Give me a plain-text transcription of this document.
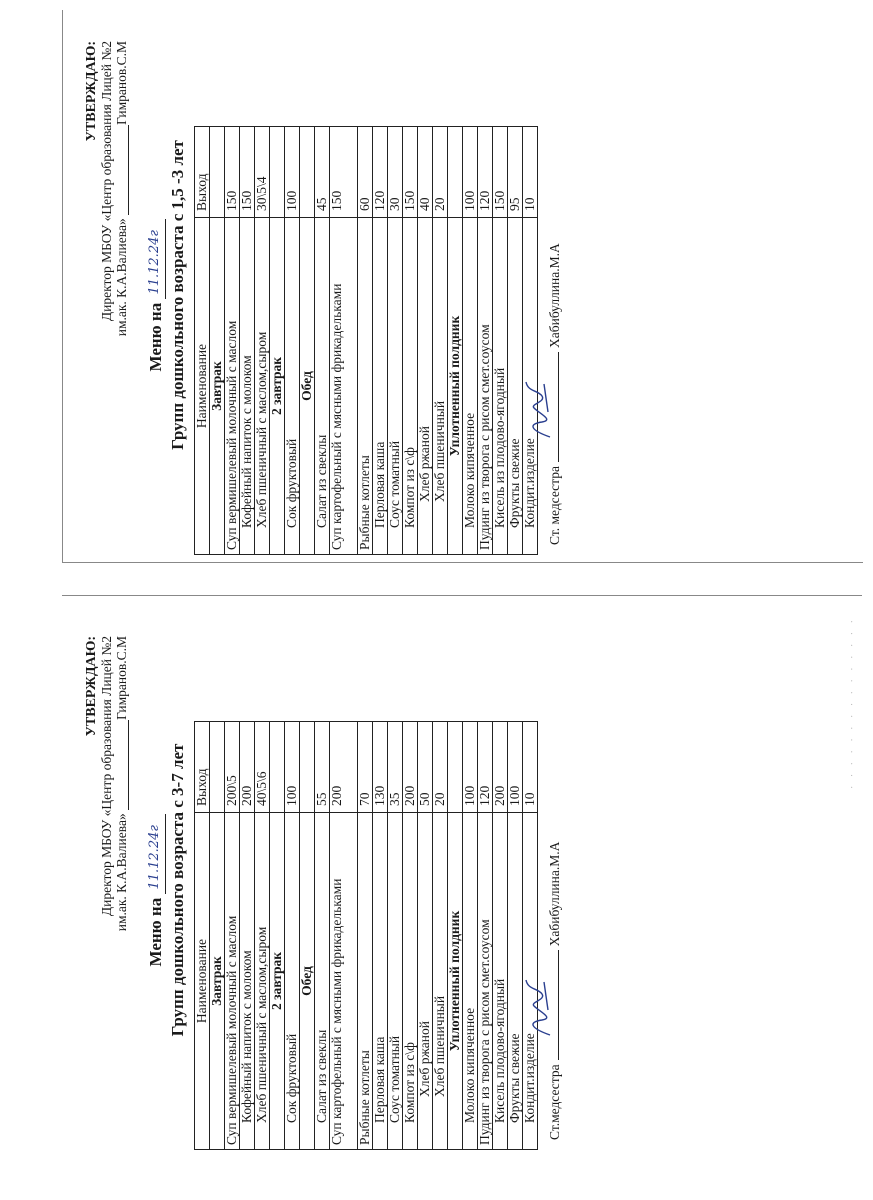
· · · · · · · · · · · · · · ·
УТВЕРЖДАЮ: Директор МБОУ «Центр образования Лицей №2 им.ак. К.А.Валиева» Гимранов.С.М
Меню на
11.12.24г Групп дошкольного возраста с 3-7 лет Наименование	Выход
Завтрак	
Суп вермишелевый молочный с маслом	200\5
Кофейный напиток с молоком	200
Хлеб пшеничный с маслом,сыром	40\5\6
2 завтрак	
Сок фруктовый	100
Обед	
Салат из свеклы	55
Суп картофельный с мясными фрикадельками	200
Рыбные котлеты	70
Перловая каша	130
Соус томатный	35
Компот из с\ф	200
Хлеб ржаной	50
Хлеб пшеничный	20
Уплотненный полдник	
Молоко кипяченное	100
Пудинг из творога с рисом смет.соусом	120
Кисель плодово-ягодный	200
Фрукты свежие	100
Кондит.изделие	10
Ст.медсестра
Хабибуллина.М.А
УТВЕРЖДАЮ: Директор МБОУ «Центр образования Лицей №2 им.ак. К.А.Валиева» Гимранов.С.М
Меню на
11.12.24г Групп дошкольного возраста с 1,5 -3 лет Наименование	Выход
Завтрак	
Суп вермишелевый молочный с маслом	150
Кофейный напиток с молоком	150
Хлеб пшеничный с маслом,сыром	30\5\4
2 завтрак	
Сок фруктовый	100
Обед	
Салат из свеклы	45
Суп картофельный с мясными фрикадельками	150
Рыбные котлеты	60
Перловая каша	120
Соус томатный	30
Компот из с\ф	150
Хлеб ржаной	40
Хлеб пшеничный	20
Уплотненный полдник	
Молоко кипяченное	100
Пудинг из творога с рисом смет.соусом	120
Кисель из плодово-ягодный	150
Фрукты свежие	95
Кондит.изделие	10
Ст. медсестра
Хабибуллина.М.А
